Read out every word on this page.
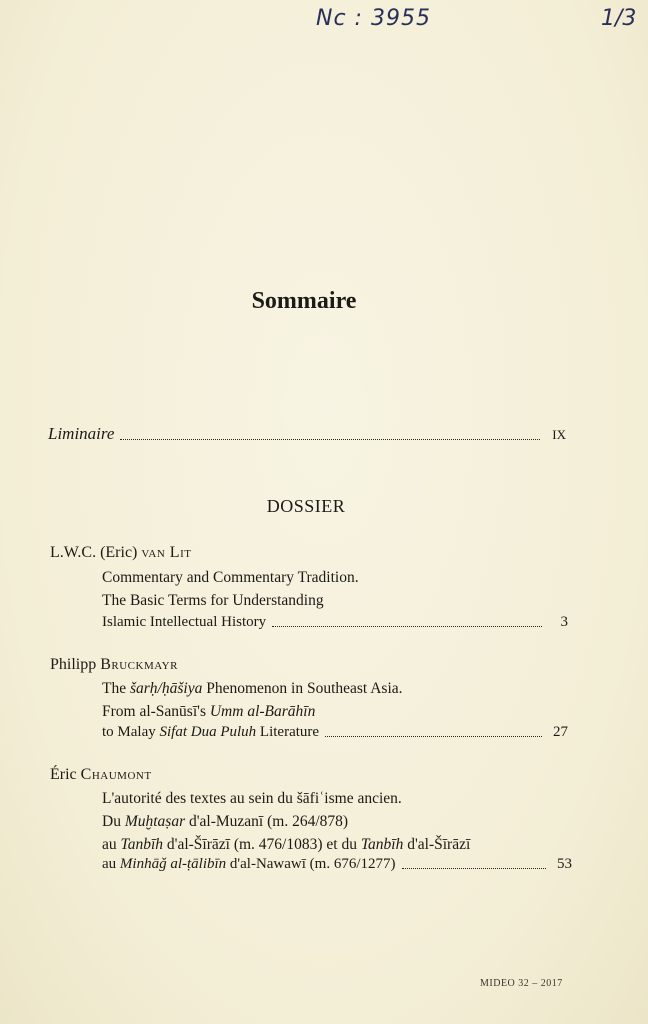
Nc : 3955	1/3
Sommaire
Liminaire	IX
DOSSIER
L.W.C. (Eric) van Lit
Commentary and Commentary Tradition.
The Basic Terms for Understanding
Islamic Intellectual History	3
Philipp Bruckmayr
The šarḥ/ḥāšiya Phenomenon in Southeast Asia.
From al-Sanūsī's Umm al-Barāhīn
to Malay Sifat Dua Puluh Literature	27
Éric Chaumont
L'autorité des textes au sein du šāfiʿisme ancien.
Du Muḫtaṣar d'al-Muzanī (m. 264/878)
au Tanbīh d'al-Šīrāzī (m. 476/1083) et du Tanbīh d'al-Šīrāzī
au Minhāǧ al-ṭālibīn d'al-Nawawī (m. 676/1277)	53
MIDEO 32 – 2017
